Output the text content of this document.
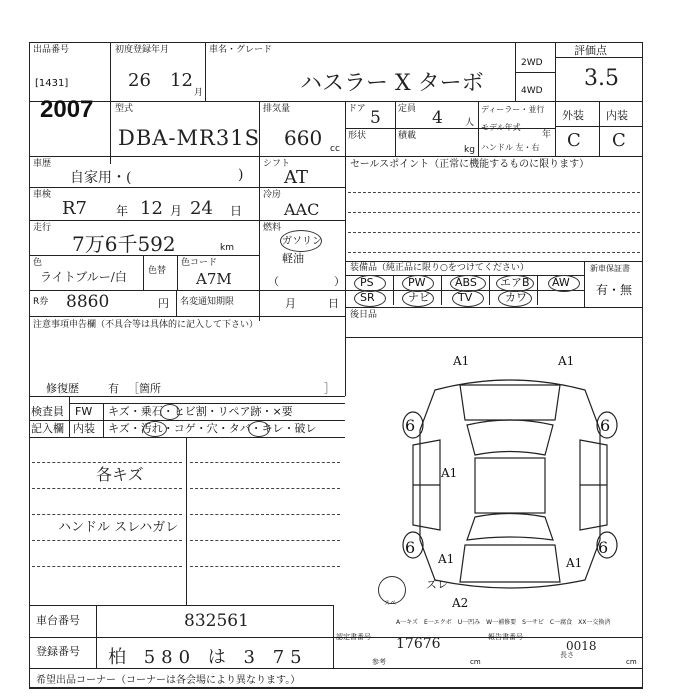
出品番号
[1431]
2007
初度登録年月
26 12
月
車名・グレード
ハスラー X ターボ
2WD
4WD
評価点
3.5
型式
DBA-MR31S
排気量
660 cc
ドア 5 定員 4 人
形状	積載
kg
ディーラー・並行
モデル年式
年
ハンドル 左・右
外装 内装
C C
車歴
自家用・(	)
シフト
AT
車検
R7 年 12 月 24 日
冷房
AAC
走行
7万6千592	km
燃料
ガソリン
軽油
（　　　　　）
色
ライトブルー/白 色替
色コード
A7M
R券 8860	円 名変通知期限	月	日
注意事項申告欄（不具合等は具体的に記入して下さい）
修復歴	有 ［箇所	］
セールスポイント（正常に機能するものに限ります）
装備品（純正品に限り○をつけてください）	新車保証書
有・無
PS	PW	ABS エアB AW
SR	ナビ	TV	カワ
後日品
検査員
記入欄
FW キズ・乗石・ヒビ割・リペア跡・×要
内装 キズ・汚れ・コゲ・穴・タバ・キレ・破レ
各キズ
ハンドル スレハガレ
A1	A1
6	6
A1
6	6
A1	A1
ズレ
A2
スペ
A一キズ　E一エクボ　U一凹み　W一補修要　S一サビ　C一腐食　XX一交換済
車台番号	832561
登録番号 柏 580 は 3 75
認定書番号 17676	報告書番号
0018
参考	cm
長さ
cm
希望出品コーナー（コーナーは各会場により異なります。）
